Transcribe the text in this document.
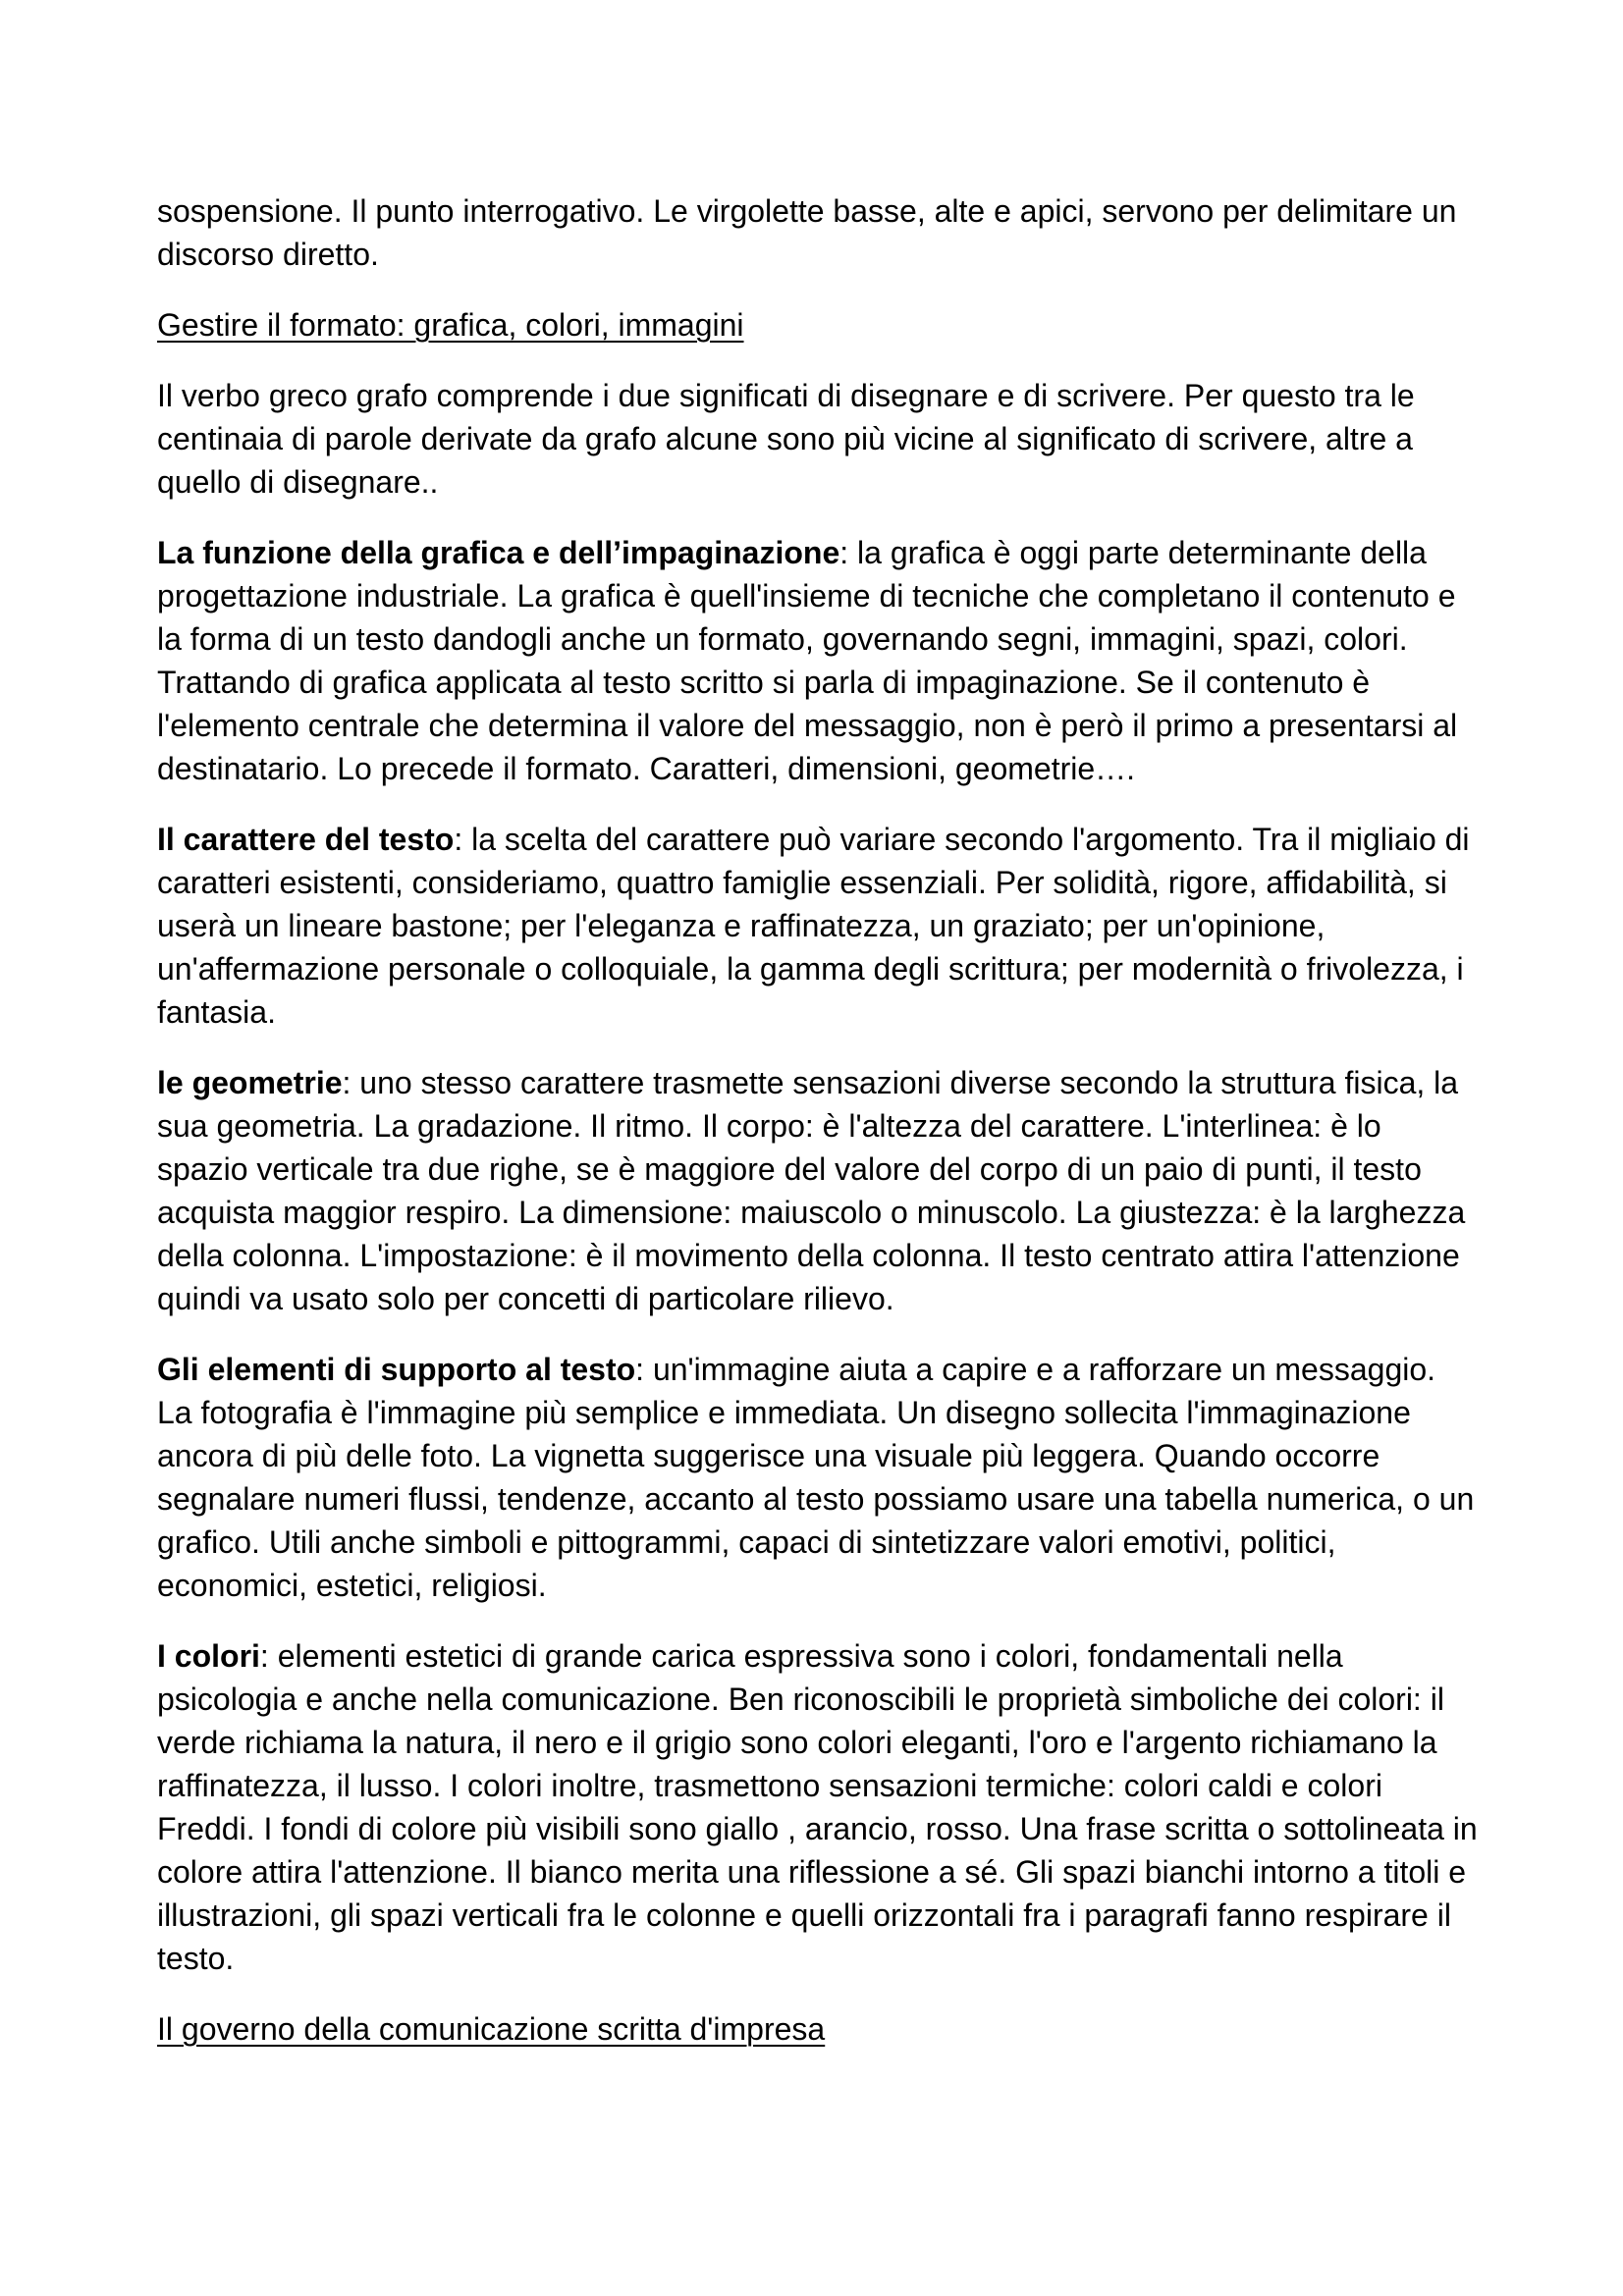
sospensione. Il punto interrogativo. Le virgolette basse, alte e apici, servono per delimitare un discorso diretto.

Gestire il formato: grafica, colori, immagini

Il verbo greco grafo comprende i due significati di disegnare e di scrivere. Per questo tra le centinaia di parole derivate da grafo alcune sono più vicine al significato di scrivere, altre a quello di disegnare..

La funzione della grafica e dell’impaginazione: la grafica è oggi parte determinante della progettazione industriale. La grafica è quell'insieme di tecniche che completano il contenuto e la forma di un testo dandogli anche un formato, governando segni, immagini, spazi, colori. Trattando di grafica applicata al testo scritto si parla di impaginazione. Se il contenuto è l'elemento centrale che determina il valore del messaggio, non è però il primo a presentarsi al destinatario. Lo precede il formato. Caratteri, dimensioni, geometrie….

Il carattere del testo: la scelta del carattere può variare secondo l'argomento. Tra il migliaio di caratteri esistenti, consideriamo, quattro famiglie essenziali. Per solidità, rigore, affidabilità, si userà un lineare bastone; per l'eleganza e raffinatezza, un graziato; per un'opinione, un'affermazione personale o colloquiale, la gamma degli scrittura; per modernità o frivolezza, i fantasia.

le geometrie: uno stesso carattere trasmette sensazioni diverse secondo la struttura fisica, la sua geometria. La gradazione. Il ritmo. Il corpo: è l'altezza del carattere. L'interlinea: è lo spazio verticale tra due righe, se è maggiore del valore del corpo di un paio di punti, il testo acquista maggior respiro. La dimensione: maiuscolo o minuscolo. La giustezza: è la larghezza della colonna. L'impostazione: è il movimento della colonna. Il testo centrato attira l'attenzione quindi va usato solo per concetti di particolare rilievo.

Gli elementi di supporto al testo: un'immagine aiuta a capire e a rafforzare un messaggio. La fotografia è l'immagine più semplice e immediata. Un disegno sollecita l'immaginazione ancora di più delle foto. La vignetta suggerisce una visuale più leggera. Quando occorre segnalare numeri flussi, tendenze, accanto al testo possiamo usare una tabella numerica, o un grafico. Utili anche simboli e pittogrammi, capaci di sintetizzare valori emotivi, politici, economici, estetici, religiosi.

I colori: elementi estetici di grande carica espressiva sono i colori, fondamentali nella psicologia e anche nella comunicazione. Ben riconoscibili le proprietà simboliche dei colori: il verde richiama la natura, il nero e il grigio sono colori eleganti, l'oro e l'argento richiamano la raffinatezza, il lusso. I colori inoltre, trasmettono sensazioni termiche: colori caldi e colori Freddi. I fondi di colore più visibili sono giallo , arancio, rosso. Una frase scritta o sottolineata in colore attira l'attenzione. Il bianco merita una riflessione a sé. Gli spazi bianchi intorno a titoli e illustrazioni, gli spazi verticali fra le colonne e quelli orizzontali fra i paragrafi fanno respirare il testo.

Il governo della comunicazione scritta d'impresa
